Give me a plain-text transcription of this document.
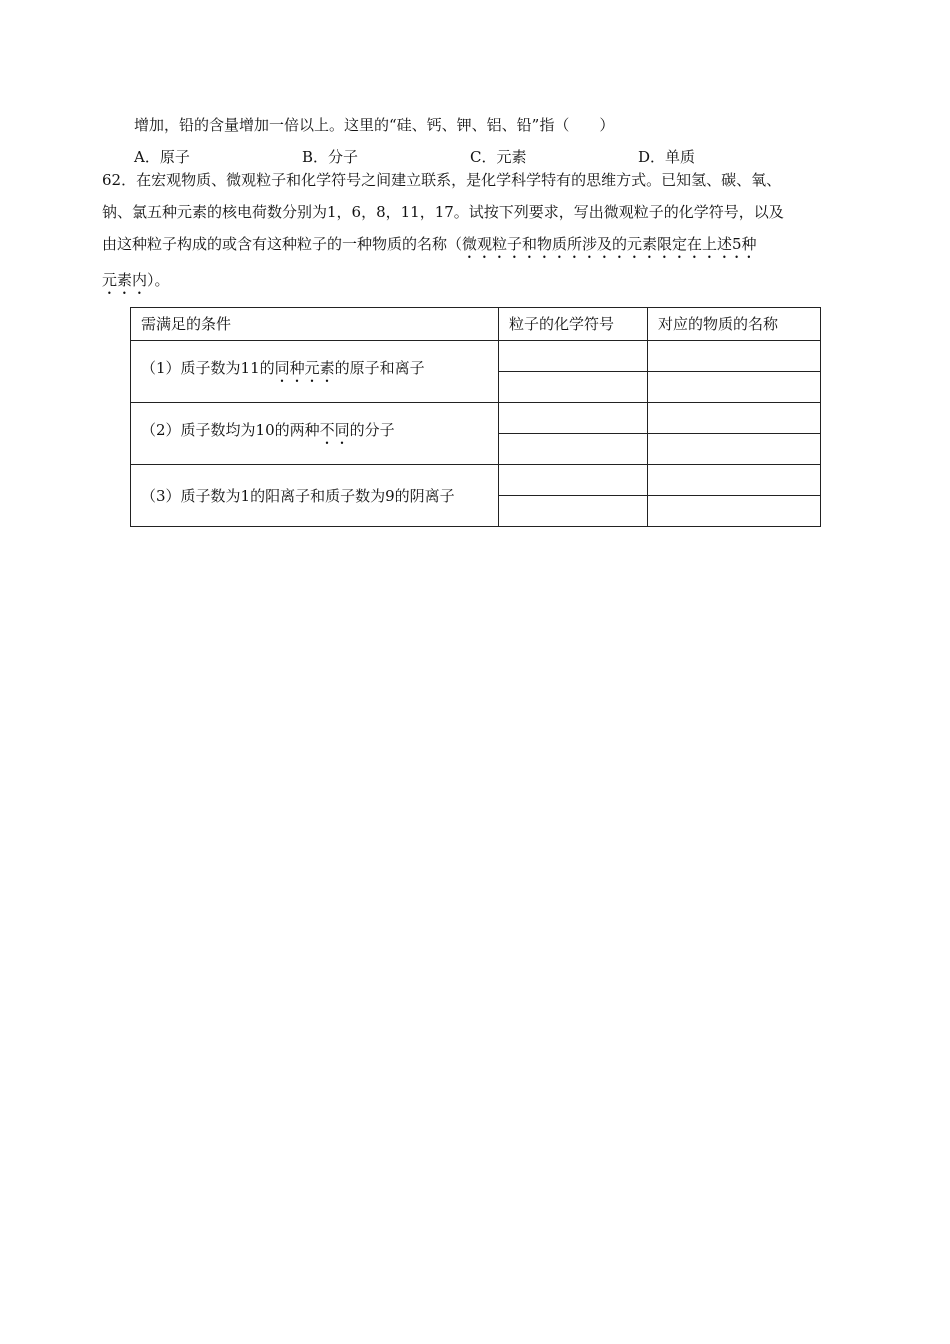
增加，铅的含量增加一倍以上。这里的“硅、钙、钾、铝、铅”指（　　）
A．原子	B．分子	C．元素	D．单质
62．在宏观物质、微观粒子和化学符号之间建立联系，是化学科学特有的思维方式。已知氢、碳、氧、
钠、氯五种元素的核电荷数分别为1，6，8，11，17。试按下列要求，写出微观粒子的化学符号，以及
由这种粒子构成的或含有这种粒子的一种物质的名称（微观粒子和物质所涉及的元素限定在上述5种
元素内）。
需满足的条件	粒子的化学符号	对应的物质的名称
（1）质子数为11的同种元素的原子和离子		

（2）质子数均为10的两种不同的分子		

（3）质子数为1的阳离子和质子数为9的阴离子		
